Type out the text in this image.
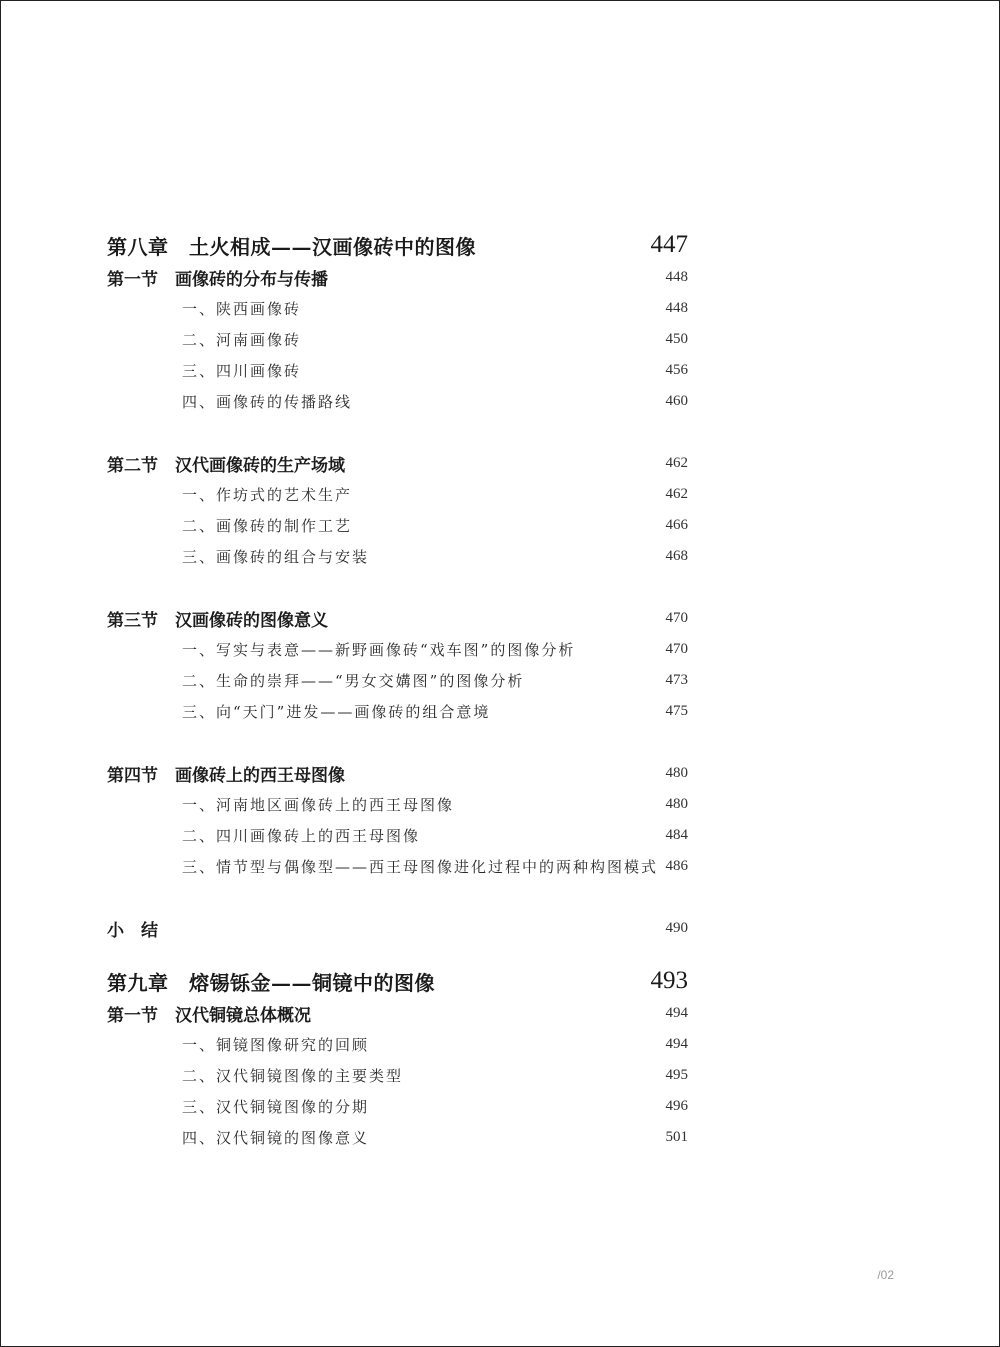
第八章　土火相成——汉画像砖中的图像	447
第一节　画像砖的分布与传播	448
一、陕西画像砖	448
二、河南画像砖	450
三、四川画像砖	456
四、画像砖的传播路线	460
第二节　汉代画像砖的生产场域	462
一、作坊式的艺术生产	462
二、画像砖的制作工艺	466
三、画像砖的组合与安装	468
第三节　汉画像砖的图像意义	470
一、写实与表意——新野画像砖“戏车图”的图像分析	470
二、生命的崇拜——“男女交媾图”的图像分析	473
三、向“天门”进发——画像砖的组合意境	475
第四节　画像砖上的西王母图像	480
一、河南地区画像砖上的西王母图像	480
二、四川画像砖上的西王母图像	484
三、情节型与偶像型——西王母图像进化过程中的两种构图模式 486
小　结	490
第九章　熔锡铄金——铜镜中的图像	493
第一节　汉代铜镜总体概况	494
一、铜镜图像研究的回顾	494
二、汉代铜镜图像的主要类型	495
三、汉代铜镜图像的分期	496
四、汉代铜镜的图像意义	501
/02
